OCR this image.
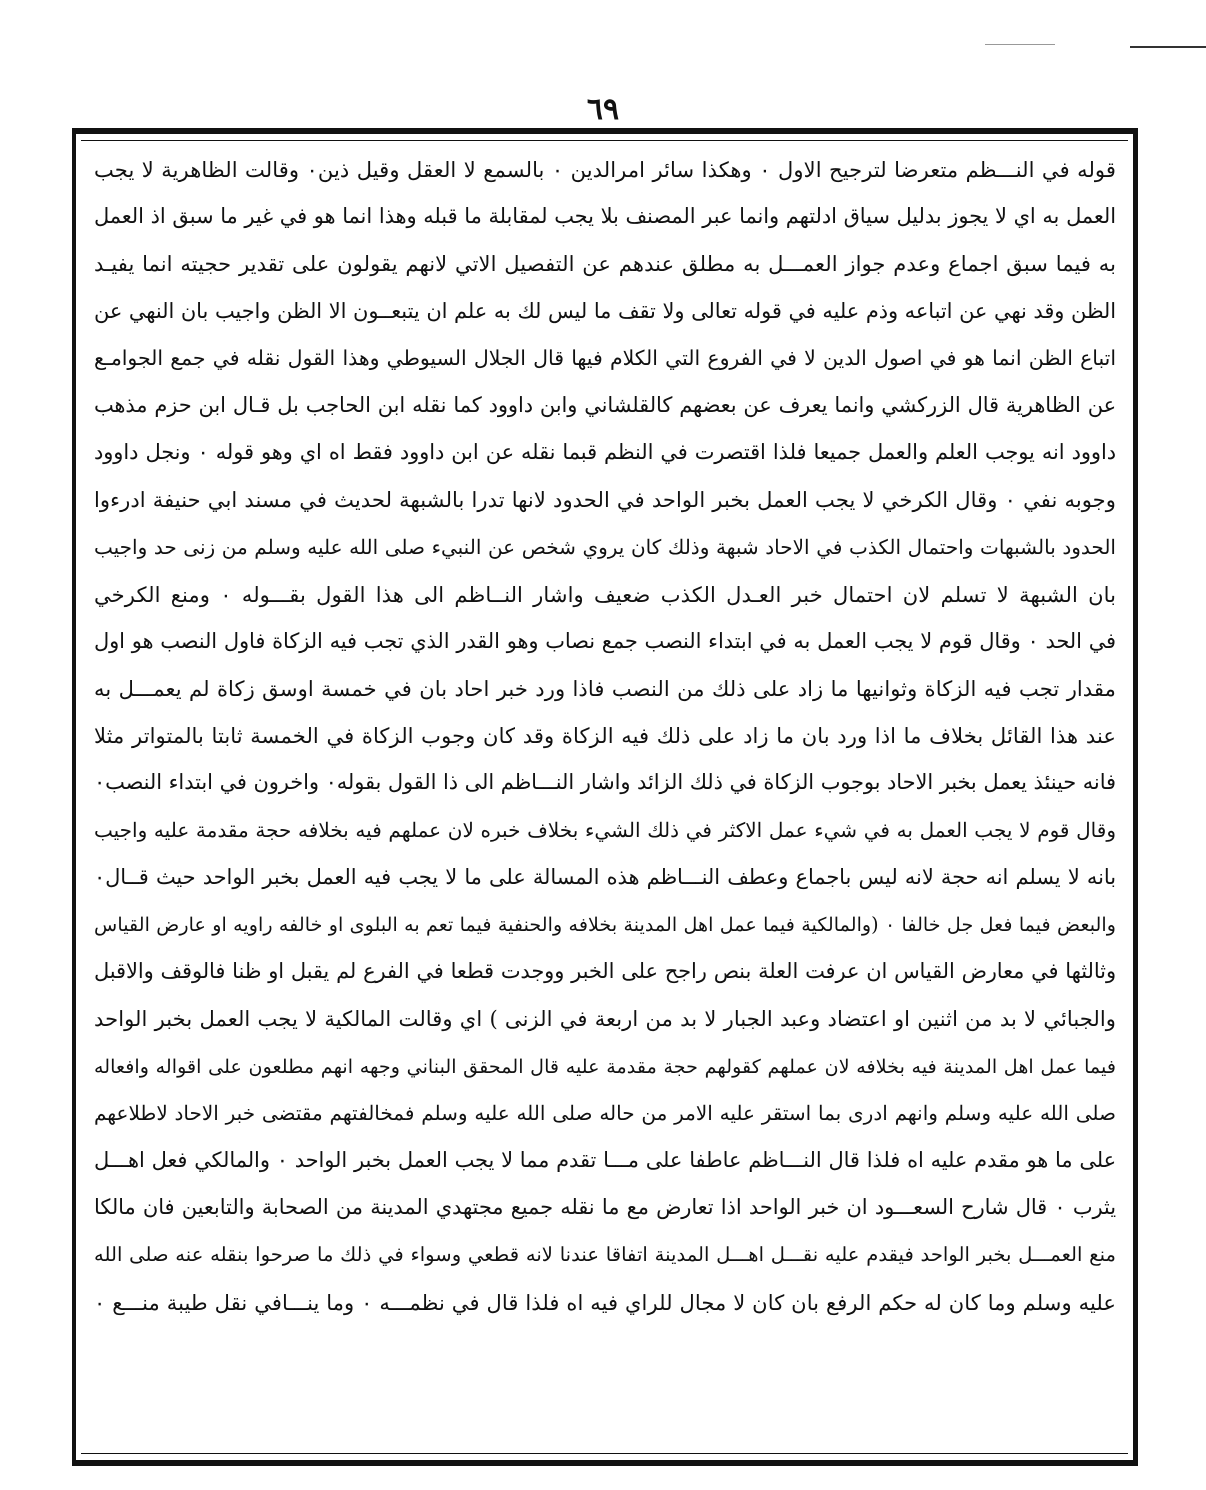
٦٩
قوله في النـــظم متعرضا لترجيح الاول ٠ وهكذا سائر امرالدين ٠ بالسمع لا العقل وقيل ذين٠ وقالت الظاهرية لا يجب
العمل به اي لا يجوز بدليل سياق ادلتهم وانما عبر المصنف بلا يجب لمقابلة ما قبله وهذا انما هو في غير ما سبق اذ العمل
به فيما سبق اجماع وعدم جواز العمـــل به مطلق عندهم عن التفصيل الاتي لانهم يقولون على تقدير حجيته انما يفيـد
الظن وقد نهي عن اتباعه وذم عليه في قوله تعالى ولا تقف ما ليس لك به علم ان يتبعــون الا الظن واجيب بان النهي عن
اتباع الظن انما هو في اصول الدين لا في الفروع التي الكلام فيها قال الجلال السيوطي وهذا القول نقله في جمع الجوامـع
عن الظاهرية قال الزركشي وانما يعرف عن بعضهم كالقلشاني وابن داوود كما نقله ابن الحاجب بل قـال ابن حزم مذهب
داوود انه يوجب العلم والعمل جميعا فلذا اقتصرت في النظم قبما نقله عن ابن داوود فقط اه اي وهو قوله ٠ ونجل داوود
وجوبه نفي ٠ وقال الكرخي لا يجب العمل بخبر الواحد في الحدود لانها تدرا بالشبهة لحديث في مسند ابي حنيفة ادرءوا
الحدود بالشبهات واحتمال الكذب في الاحاد شبهة وذلك كان يروي شخص عن النبيء صلى الله عليه وسلم من زنى حد واجيب
بان الشبهة لا تسلم لان احتمال خبر العـدل الكذب ضعيف واشار النــاظم الى هذا القول بقـــوله ٠ ومنع الكرخي
في الحد ٠ وقال قوم لا يجب العمل به في ابتداء النصب جمع نصاب وهو القدر الذي تجب فيه الزكاة فاول النصب هو اول
مقدار تجب فيه الزكاة وثوانيها ما زاد على ذلك من النصب فاذا ورد خبر احاد بان في خمسة اوسق زكاة لم يعمـــل به
عند هذا القائل بخلاف ما اذا ورد بان ما زاد على ذلك فيه الزكاة وقد كان وجوب الزكاة في الخمسة ثابتا بالمتواتر مثلا
فانه حينئذ يعمل بخبر الاحاد بوجوب الزكاة في ذلك الزائد واشار النـــاظم الى ذا القول بقوله٠ واخرون في ابتداء النصب٠
وقال قوم لا يجب العمل به في شيء عمل الاكثر في ذلك الشيء بخلاف خبره لان عملهم فيه بخلافه حجة مقدمة عليه واجيب
بانه لا يسلم انه حجة لانه ليس باجماع وعطف النـــاظم هذه المسالة على ما لا يجب فيه العمل بخبر الواحد حيث قــال٠
والبعض فيما فعل جل خالفا ٠ (والمالكية فيما عمل اهل المدينة بخلافه والحنفية فيما تعم به البلوى او خالفه راويه او عارض القياس
وثالثها في معارض القياس ان عرفت العلة بنص راجح على الخبر ووجدت قطعا في الفرع لم يقبل او ظنا فالوقف والاقبل
والجبائي لا بد من اثنين او اعتضاد وعبد الجبار لا بد من اربعة في الزنى ) اي وقالت المالكية لا يجب العمل بخبر الواحد
فيما عمل اهل المدينة فيه بخلافه لان عملهم كقولهم حجة مقدمة عليه قال المحقق البناني وجهه انهم مطلعون على اقواله وافعاله
صلى الله عليه وسلم وانهم ادرى بما استقر عليه الامر من حاله صلى الله عليه وسلم فمخالفتهم مقتضى خبر الاحاد لاطلاعهم
على ما هو مقدم عليه اه فلذا قال النـــاظم عاطفا على مـــا تقدم مما لا يجب العمل بخبر الواحد ٠ والمالكي فعل اهـــل
يثرب ٠ قال شارح السعـــود ان خبر الواحد اذا تعارض مع ما نقله جميع مجتهدي المدينة من الصحابة والتابعين فان مالكا
منع العمـــل بخبر الواحد فيقدم عليه نقـــل اهـــل المدينة اتفاقا عندنا لانه قطعي وسواء في ذلك ما صرحوا بنقله عنه صلى الله
عليه وسلم وما كان له حكم الرفع بان كان لا مجال للراي فيه اه فلذا قال في نظمـــه ٠ وما ينـــافي نقل طيبة منـــع ٠
